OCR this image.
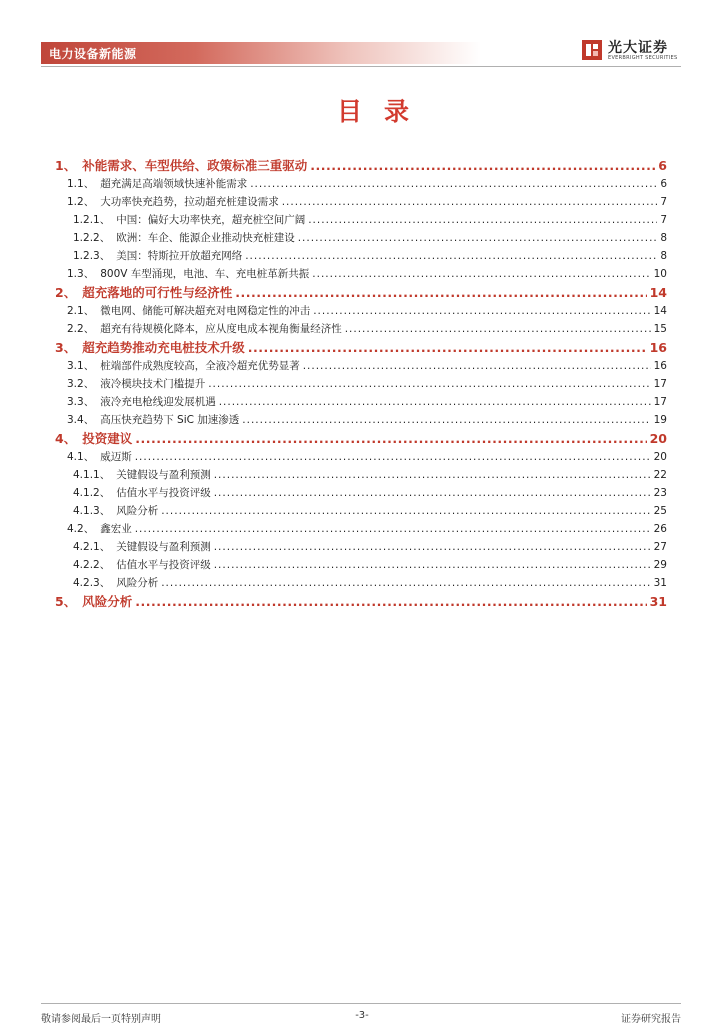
电力设备新能源	光大证券
EVERBRIGHT SECURITIES
目录
1、 补能需求、车型供给、政策标准三重驱动 .....	6
1.1、 超充满足高端领域快速补能需求 .....	6
1.2、 大功率快充趋势，拉动超充桩建设需求 .....	7
1.2.1、 中国：偏好大功率快充，超充桩空间广阔 .....	7
1.2.2、 欧洲：车企、能源企业推动快充桩建设 .....	8
1.2.3、 美国：特斯拉开放超充网络 .....	8
1.3、 800V 车型涌现，电池、车、充电桩革新共振 .....	10
2、 超充落地的可行性与经济性 .....	14
2.1、 微电网、储能可解决超充对电网稳定性的冲击 .....	14
2.2、 超充有待规模化降本，应从度电成本视角衡量经济性 .....	15
3、 超充趋势推动充电桩技术升级 .....	16
3.1、 桩端部件成熟度较高，全液冷超充优势显著 .....	16
3.2、 液冷模块技术门槛提升 .....	17
3.3、 液冷充电枪线迎发展机遇 .....	17
3.4、 高压快充趋势下 SiC 加速渗透 .....	19
4、 投资建议 .....	20
4.1、 威迈斯 .....	20
4.1.1、 关键假设与盈利预测 .....	22
4.1.2、 估值水平与投资评级 .....	23
4.1.3、 风险分析 .....	25
4.2、 鑫宏业 .....	26
4.2.1、 关键假设与盈利预测 .....	27
4.2.2、 估值水平与投资评级 .....	29
4.2.3、 风险分析 .....	31
5、 风险分析 .....	31
敬请参阅最后一页特别声明	-3-	证券研究报告
